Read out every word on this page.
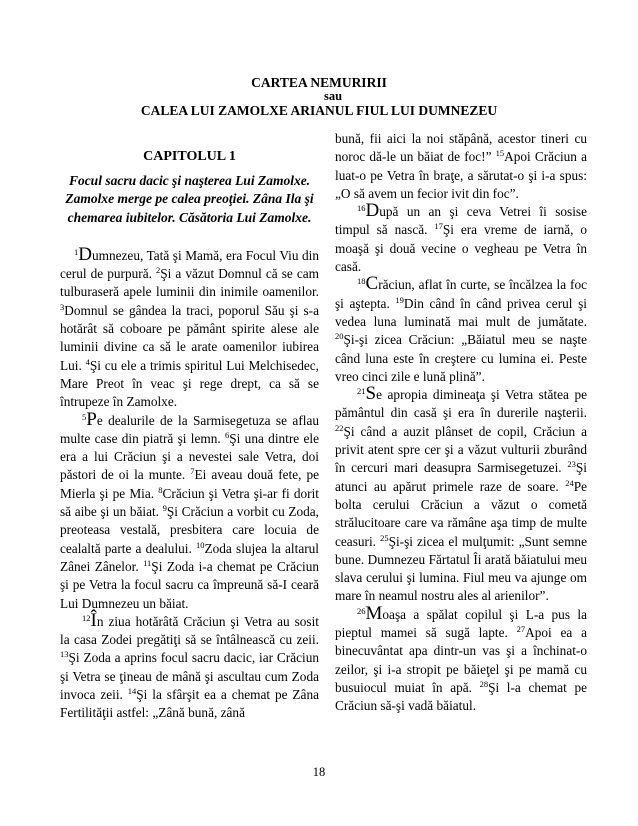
CARTEA NEMURIRII
sau
CALEA LUI ZAMOLXE ARIANUL FIUL LUI DUMNEZEU
CAPITOLUL 1
Focul sacru dacic şi naşterea Lui Zamolxe. Zamolxe merge pe calea preoţiei. Zâna Ila şi chemarea iubitelor. Căsătoria Lui Zamolxe.

$^1$Dumnezeu, Tată şi Mamă, era Focul Viu din cerul de purpură. $^2$Şi a văzut Domnul că se cam tulburaseră apele luminii din inimile oamenilor. $^3$Domnul se gândea la traci, poporul Său şi s-a hotărât să coboare pe pământ spirite alese ale luminii divine ca să le arate oamenilor iubirea Lui. $^4$Şi cu ele a trimis spiritul Lui Melchisedec, Mare Preot în veac şi rege drept, ca să se întrupeze în Zamolxe.

$^5$Pe dealurile de la Sarmisegetuza se aflau multe case din piatră şi lemn. $^6$Şi una dintre ele era a lui Crăciun şi a nevestei sale Vetra, doi păstori de oi la munte. $^7$Ei aveau două fete, pe Mierla şi pe Mia. $^8$Crăciun şi Vetra şi-ar fi dorit să aibe şi un băiat. $^9$Şi Crăciun a vorbit cu Zoda, preoteasa vestală, presbitera care locuia de cealaltă parte a dealului. $^{10}$Zoda slujea la altarul Zânei Zânelor. $^{11}$Şi Zoda i-a chemat pe Crăciun şi pe Vetra la focul sacru ca împreună să-I ceară Lui Dumnezeu un băiat.

$^{12}$În ziua hotărâtă Crăciun şi Vetra au sosit la casa Zodei pregătiţi să se întâlnească cu zeii. $^{13}$Şi Zoda a aprins focul sacru dacic, iar Crăciun şi Vetra se ţineau de mână şi ascultau cum Zoda invoca zeii. $^{14}$Şi la sfârşit ea a chemat pe Zâna Fertilităţii astfel: „Zână bună, zână

bună, fii aici la noi stăpână, acestor tineri cu noroc dă-le un băiat de foc!” $^{15}$Apoi Crăciun a luat-o pe Vetra în braţe, a sărutat-o şi i-a spus: „O să avem un fecior ivit din foc”.

$^{16}$După un an şi ceva Vetrei îi sosise timpul să nască. $^{17}$Şi era vreme de iarnă, o moaşă şi două vecine o vegheau pe Vetra în casă.

$^{18}$Crăciun, aflat în curte, se încălzea la foc şi aştepta. $^{19}$Din când în când privea cerul şi vedea luna luminată mai mult de jumătate. $^{20}$Şi-şi zicea Crăciun: „Băiatul meu se naşte când luna este în creştere cu lumina ei. Peste vreo cinci zile e lună plină”.

$^{21}$Se apropia dimineaţa şi Vetra stătea pe pământul din casă şi era în durerile naşterii. $^{22}$Şi când a auzit plânset de copil, Crăciun a privit atent spre cer şi a văzut vulturii zburând în cercuri mari deasupra Sarmisegetuzei. $^{23}$Şi atunci au apărut primele raze de soare. $^{24}$Pe bolta cerului Crăciun a văzut o cometă strălucitoare care va rămâne aşa timp de multe ceasuri. $^{25}$Şi-şi zicea el mulţumit: „Sunt semne bune. Dumnezeu Fărtatul Îi arată băiatului meu slava cerului şi lumina. Fiul meu va ajunge om mare în neamul nostru ales al arienilor”.

$^{26}$Moaşa a spălat copilul şi L-a pus la pieptul mamei să sugă lapte. $^{27}$Apoi ea a binecuvântat apa dintr-un vas şi a închinat-o zeilor, şi i-a stropit pe băieţel şi pe mamă cu busuiocul muiat în apă. $^{28}$Şi l-a chemat pe Crăciun să-şi vadă băiatul.

18
